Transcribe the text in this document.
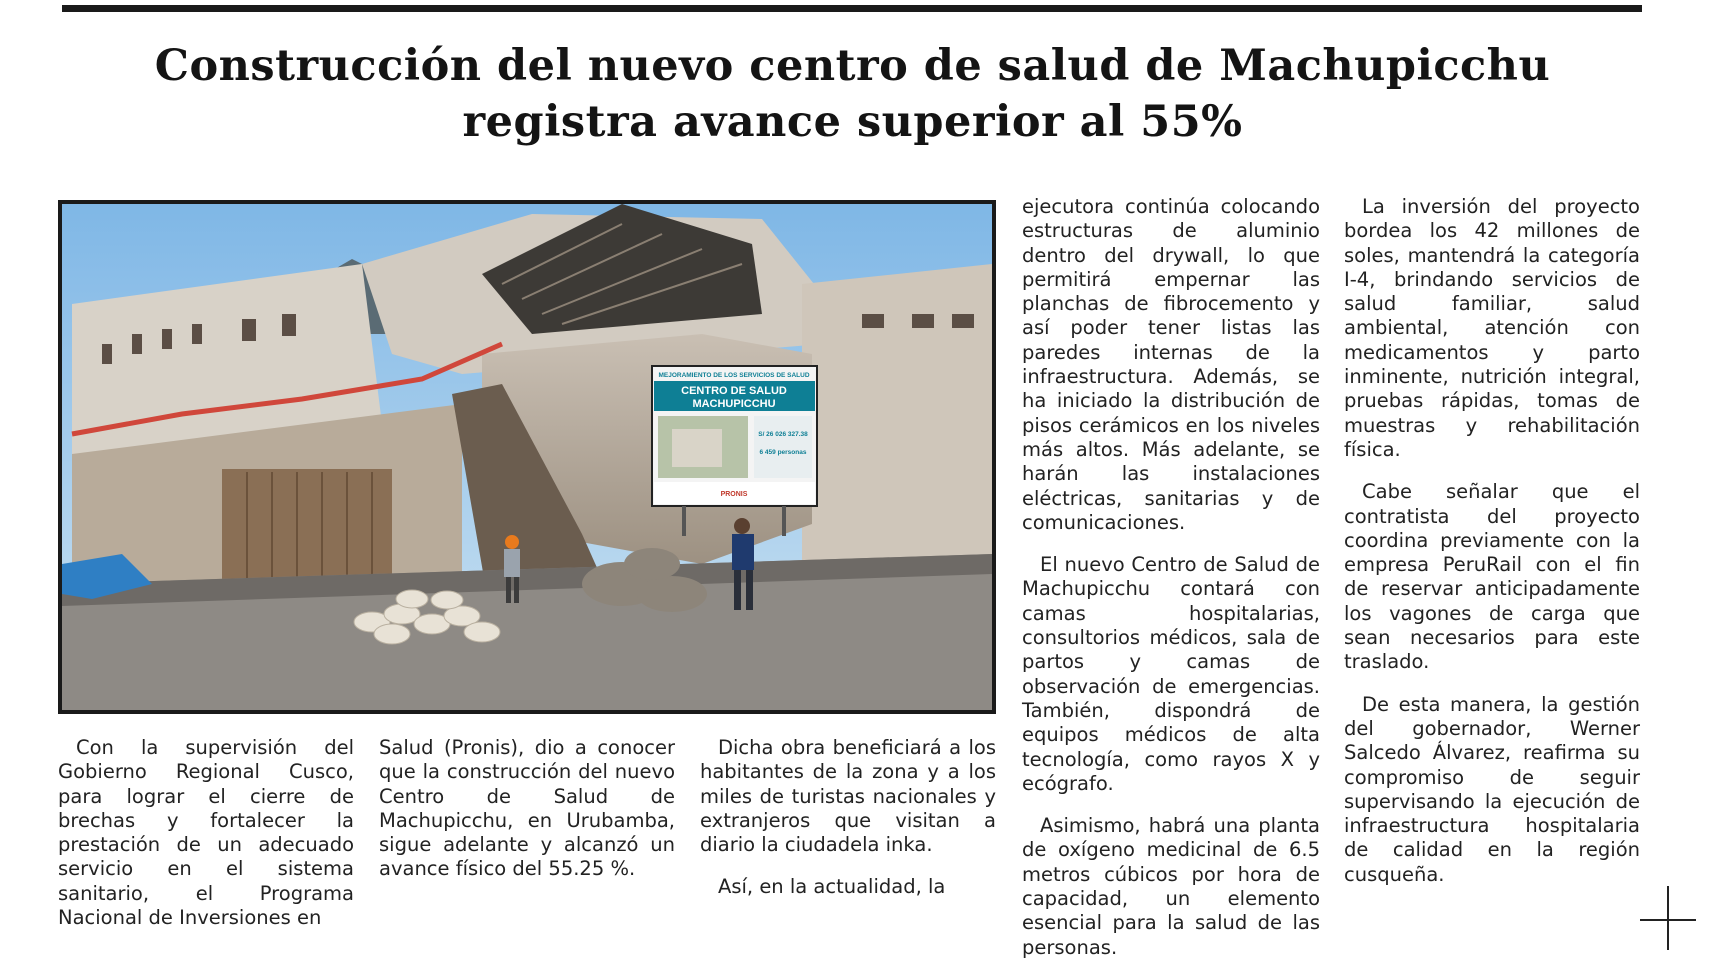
Construcción del nuevo centro de salud de Machupicchu
registra avance superior al 55%
MEJORAMIENTO DE LOS SERVICIOS DE SALUD
CENTRO DE SALUD
MACHUPICCHU
S/ 26 026 327.38
6 459 personas
PRONIS

Con la supervisión del Gobierno Regional Cusco, para lograr el cierre de brechas y fortalecer la prestación de un adecuado servicio en el sistema sanitario, el Programa Nacional de Inversiones en

Salud (Pronis), dio a conocer que la construcción del nuevo Centro de Salud de Machupicchu, en Urubamba, sigue adelante y alcanzó un avance físico del 55.25 %.

Dicha obra beneficiará a los habitantes de la zona y a los miles de turistas nacionales y extranjeros que visitan a diario la ciudadela inka.

Así, en la actualidad, la

ejecutora continúa colocando estructuras de aluminio dentro del drywall, lo que permitirá empernar las planchas de fibrocemento y así poder tener listas las paredes internas de la infraestructura. Además, se ha iniciado la distribución de pisos cerámicos en los niveles más altos. Más adelante, se harán las instalaciones eléctricas, sanitarias y de comunicaciones.

El nuevo Centro de Salud de Machupicchu contará con camas hospitalarias, consultorios médicos, sala de partos y camas de observación de emergencias. También, dispondrá de equipos médicos de alta tecnología, como rayos X y ecógrafo.

Asimismo, habrá una planta de oxígeno medicinal de 6.5 metros cúbicos por hora de capacidad, un elemento esencial para la salud de las personas.

La inversión del proyecto bordea los 42 millones de soles, mantendrá la categoría I-4, brindando servicios de salud familiar, salud ambiental, atención con medicamentos y parto inminente, nutrición integral, pruebas rápidas, tomas de muestras y rehabilitación física.

Cabe señalar que el contratista del proyecto coordina previamente con la empresa PeruRail con el fin de reservar anticipadamente los vagones de carga que sean necesarios para este traslado.

De esta manera, la gestión del gobernador, Werner Salcedo Álvarez, reafirma su compromiso de seguir supervisando la ejecución de infraestructura hospitalaria de calidad en la región cusqueña.
